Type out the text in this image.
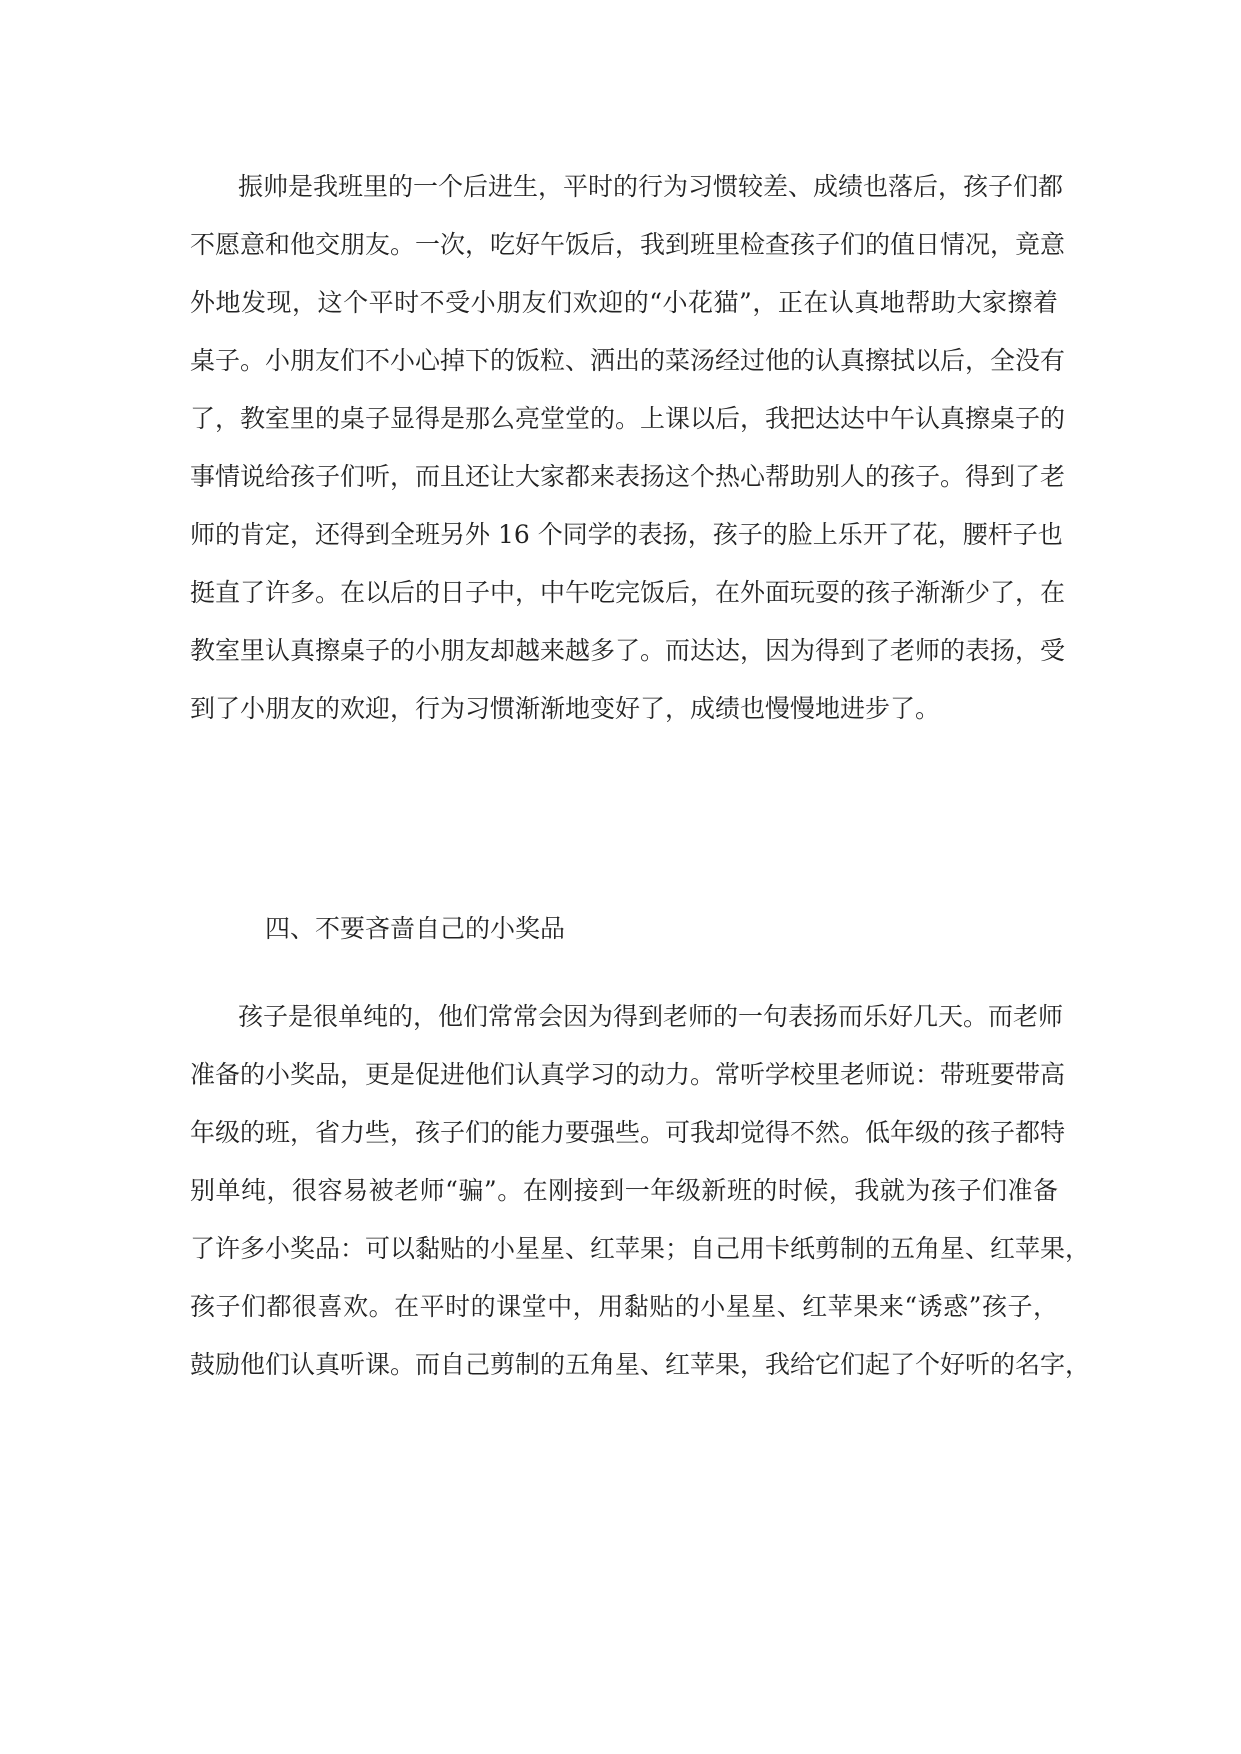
振帅是我班里的一个后进生，平时的行为习惯较差、成绩也落后，孩子们都
不愿意和他交朋友。一次，吃好午饭后，我到班里检查孩子们的值日情况，竟意
外地发现，这个平时不受小朋友们欢迎的“小花猫”，正在认真地帮助大家擦着
桌子。小朋友们不小心掉下的饭粒、洒出的菜汤经过他的认真擦拭以后，全没有
了，教室里的桌子显得是那么亮堂堂的。上课以后，我把达达中午认真擦桌子的
事情说给孩子们听，而且还让大家都来表扬这个热心帮助别人的孩子。得到了老
师的肯定，还得到全班另外 16 个同学的表扬，孩子的脸上乐开了花，腰杆子也
挺直了许多。在以后的日子中，中午吃完饭后，在外面玩耍的孩子渐渐少了，在
教室里认真擦桌子的小朋友却越来越多了。而达达，因为得到了老师的表扬，受
到了小朋友的欢迎，行为习惯渐渐地变好了，成绩也慢慢地进步了。
四、不要吝啬自己的小奖品
孩子是很单纯的，他们常常会因为得到老师的一句表扬而乐好几天。而老师
准备的小奖品，更是促进他们认真学习的动力。常听学校里老师说：带班要带高
年级的班，省力些，孩子们的能力要强些。可我却觉得不然。低年级的孩子都特
别单纯，很容易被老师“骗”。在刚接到一年级新班的时候，我就为孩子们准备
了许多小奖品：可以黏贴的小星星、红苹果；自己用卡纸剪制的五角星、红苹果，
孩子们都很喜欢。在平时的课堂中，用黏贴的小星星、红苹果来“诱惑”孩子，
鼓励他们认真听课。而自己剪制的五角星、红苹果，我给它们起了个好听的名字，
